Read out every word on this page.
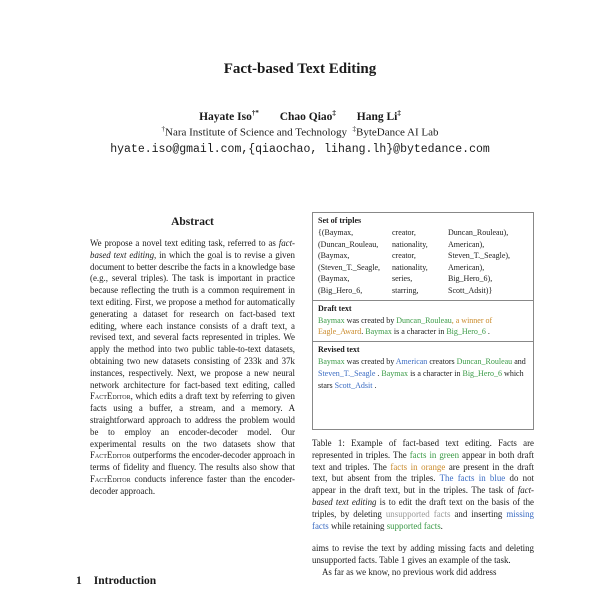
Fact-based Text Editing
Hayate Iso†* Chao Qiao‡ Hang Li‡
†Nara Institute of Science and Technology ‡ByteDance AI Lab
hyate.iso@gmail.com,{qiaochao, lihang.lh}@bytedance.com
Abstract
We propose a novel text editing task, referred to as fact-based text editing, in which the goal is to revise a given document to better describe the facts in a knowledge base (e.g., several triples). The task is important in practice because reflecting the truth is a common requirement in text editing. First, we propose a method for automatically generating a dataset for research on fact-based text editing, where each instance consists of a draft text, a revised text, and several facts represented in triples. We apply the method into two public table-to-text datasets, obtaining two new datasets consisting of 233k and 37k instances, respectively. Next, we propose a new neural network architecture for fact-based text editing, called FactEditor, which edits a draft text by referring to given facts using a buffer, a stream, and a memory. A straightforward approach to address the problem would be to employ an encoder-decoder model. Our experimental results on the two datasets show that FactEditor outperforms the encoder-decoder approach in terms of fidelity and fluency. The results also show that FactEditor conducts inference faster than the encoder-decoder approach.
1 Introduction
Set of triples
{(Baymax,	creator,	Duncan_Rouleau),
(Duncan_Rouleau,	nationality,	American),
(Baymax,	creator,	Steven_T._Seagle),
(Steven_T._Seagle,	nationality,	American),
(Baymax,	series,	Big_Hero_6),
(Big_Hero_6,	starring,	Scott_Adsit)}
Draft text
Baymax was created by Duncan_Rouleau, a winner of Eagle_Award. Baymax is a character in Big_Hero_6 .
Revised text
Baymax was created by American creators Duncan_Rouleau and Steven_T._Seagle . Baymax is a character in Big_Hero_6 which stars Scott_Adsit .
Table 1: Example of fact-based text editing. Facts are represented in triples. The facts in green appear in both draft text and triples. The facts in orange are present in the draft text, but absent from the triples. The facts in blue do not appear in the draft text, but in the triples. The task of fact-based text editing is to edit the draft text on the basis of the triples, by deleting unsupported facts and inserting missing facts while retaining supported facts.
aims to revise the text by adding missing facts and deleting unsupported facts. Table 1 gives an example of the task.
As far as we know, no previous work did address
